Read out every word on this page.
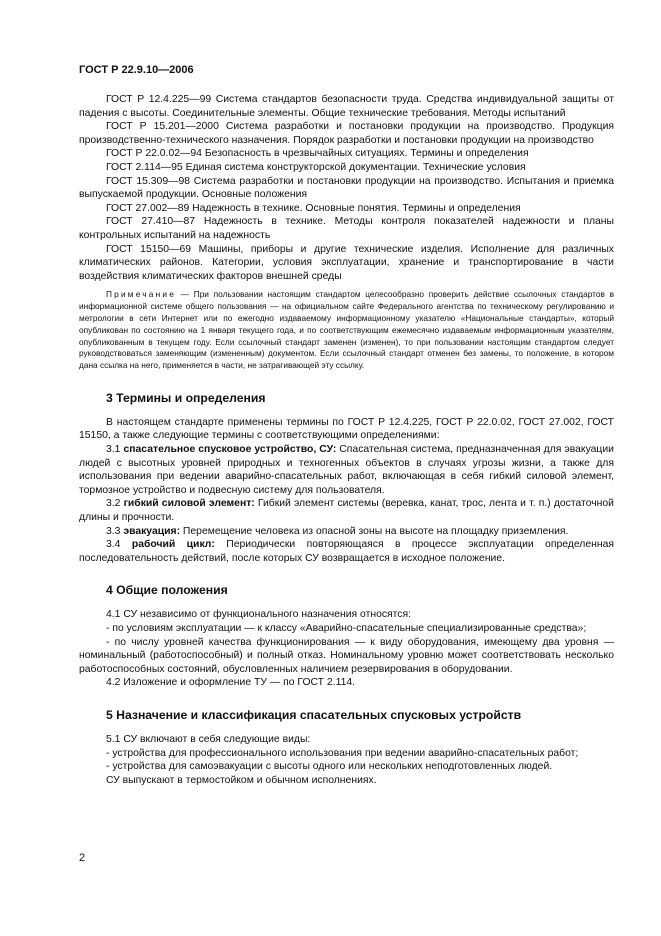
ГОСТ Р 22.9.10—2006

ГОСТ Р 12.4.225—99 Система стандартов безопасности труда. Средства индивидуальной защиты от падения с высоты. Соединительные элементы. Общие технические требования. Методы испытаний

ГОСТ Р 15.201—2000 Система разработки и постановки продукции на производство. Продукция производственно-технического назначения. Порядок разработки и постановки продукции на производство

ГОСТ Р 22.0.02—94 Безопасность в чрезвычайных ситуациях. Термины и определения

ГОСТ 2.114—95 Единая система конструкторской документации. Технические условия

ГОСТ 15.309—98 Система разработки и постановки продукции на производство. Испытания и приемка выпускаемой продукции. Основные положения

ГОСТ 27.002—89 Надежность в технике. Основные понятия. Термины и определения

ГОСТ 27.410—87 Надежность в технике. Методы контроля показателей надежности и планы контрольных испытаний на надежность

ГОСТ 15150—69 Машины, приборы и другие технические изделия. Исполнение для различных климатических районов. Категории, условия эксплуатации, хранение и транспортирование в части воздействия климатических факторов внешней среды

Примечание — При пользовании настоящим стандартом целесообразно проверить действие ссылочных стандартов в информационной системе общего пользования — на официальном сайте Федерального агентства по техническому регулированию и метрологии в сети Интернет или по ежегодно издаваемому информационному указателю «Национальные стандарты», который опубликован по состоянию на 1 января текущего года, и по соответствующим ежемесячно издаваемым информационным указателям, опубликованным в текущем году. Если ссылочный стандарт заменен (изменен), то при пользовании настоящим стандартом следует руководствоваться заменяющим (измененным) документом. Если ссылочный стандарт отменен без замены, то положение, в котором дана ссылка на него, применяется в части, не затрагивающей эту ссылку.

3 Термины и определения

В настоящем стандарте применены термины по ГОСТ Р 12.4.225, ГОСТ Р 22.0.02, ГОСТ 27.002, ГОСТ 15150, а также следующие термины с соответствующими определениями:

3.1 спасательное спусковое устройство, СУ: Спасательная система, предназначенная для эвакуации людей с высотных уровней природных и техногенных объектов в случаях угрозы жизни, а также для использования при ведении аварийно-спасательных работ, включающая в себя гибкий силовой элемент, тормозное устройство и подвесную систему для пользователя.

3.2 гибкий силовой элемент: Гибкий элемент системы (веревка, канат, трос, лента и т. п.) достаточной длины и прочности.

3.3 эвакуация: Перемещение человека из опасной зоны на высоте на площадку приземления.

3.4 рабочий цикл: Периодически повторяющаяся в процессе эксплуатации определенная последовательность действий, после которых СУ возвращается в исходное положение.

4 Общие положения

4.1 СУ независимо от функционального назначения относятся:

- по условиям эксплуатации — к классу «Аварийно-спасательные специализированные средства»;

- по числу уровней качества функционирования — к виду оборудования, имеющему два уровня — номинальный (работоспособный) и полный отказ. Номинальному уровню может соответствовать несколько работоспособных состояний, обусловленных наличием резервирования в оборудовании.

4.2 Изложение и оформление ТУ — по ГОСТ 2.114.

5 Назначение и классификация спасательных спусковых устройств

5.1 СУ включают в себя следующие виды:

- устройства для профессионального использования при ведении аварийно-спасательных работ;

- устройства для самоэвакуации с высоты одного или нескольких неподготовленных людей.

СУ выпускают в термостойком и обычном исполнениях.

2
